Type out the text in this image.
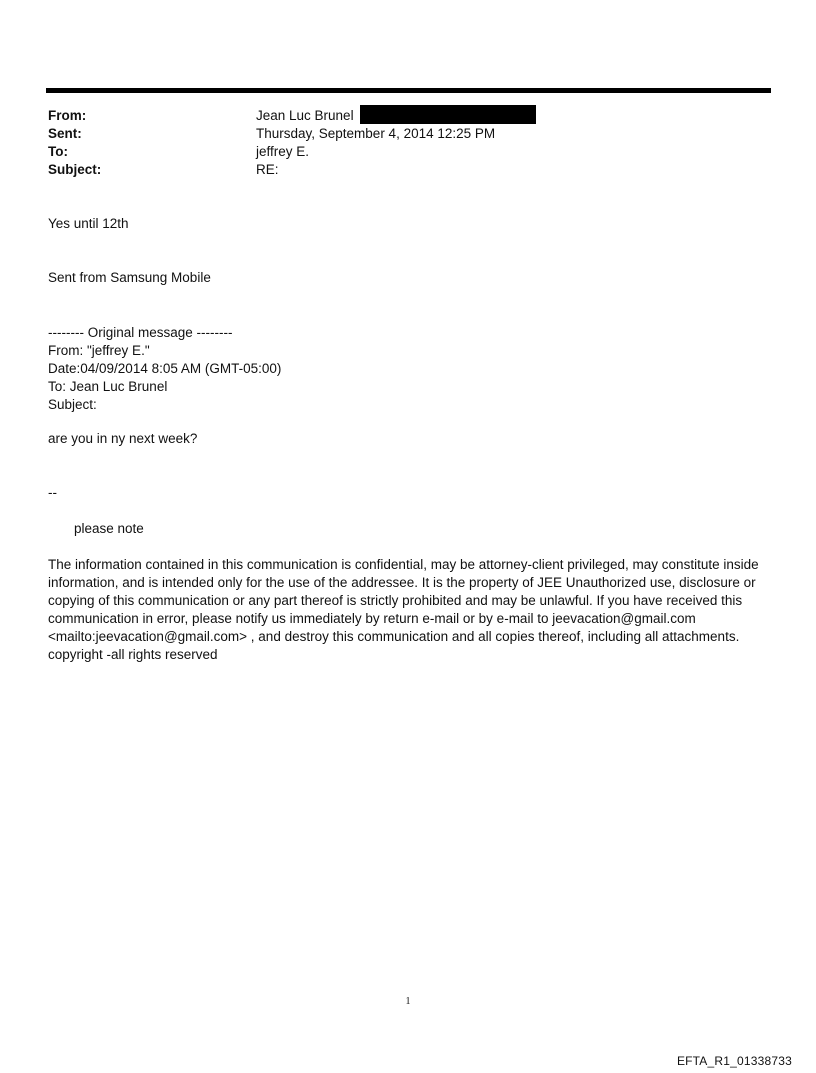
From:	Jean Luc Brunel
Sent:	Thursday, September 4, 2014 12:25 PM
To:	jeffrey E.
Subject:	RE:
Yes until 12th
Sent from Samsung Mobile
-------- Original message --------
From: "jeffrey E."
Date:04/09/2014 8:05 AM (GMT-05:00)
To: Jean Luc Brunel
Subject:
are you in ny next week?
--
please note
The information contained in this communication is confidential, may be attorney-client privileged, may constitute inside information, and is intended only for the use of the addressee. It is the property of JEE Unauthorized use, disclosure or copying of this communication or any part thereof is strictly prohibited and may be unlawful. If you have received this communication in error, please notify us immediately by return e-mail or by e-mail to jeevacation@gmail.com <mailto:jeevacation@gmail.com> , and destroy this communication and all copies thereof, including all attachments. copyright -all rights reserved
1
EFTA_R1_01338733
